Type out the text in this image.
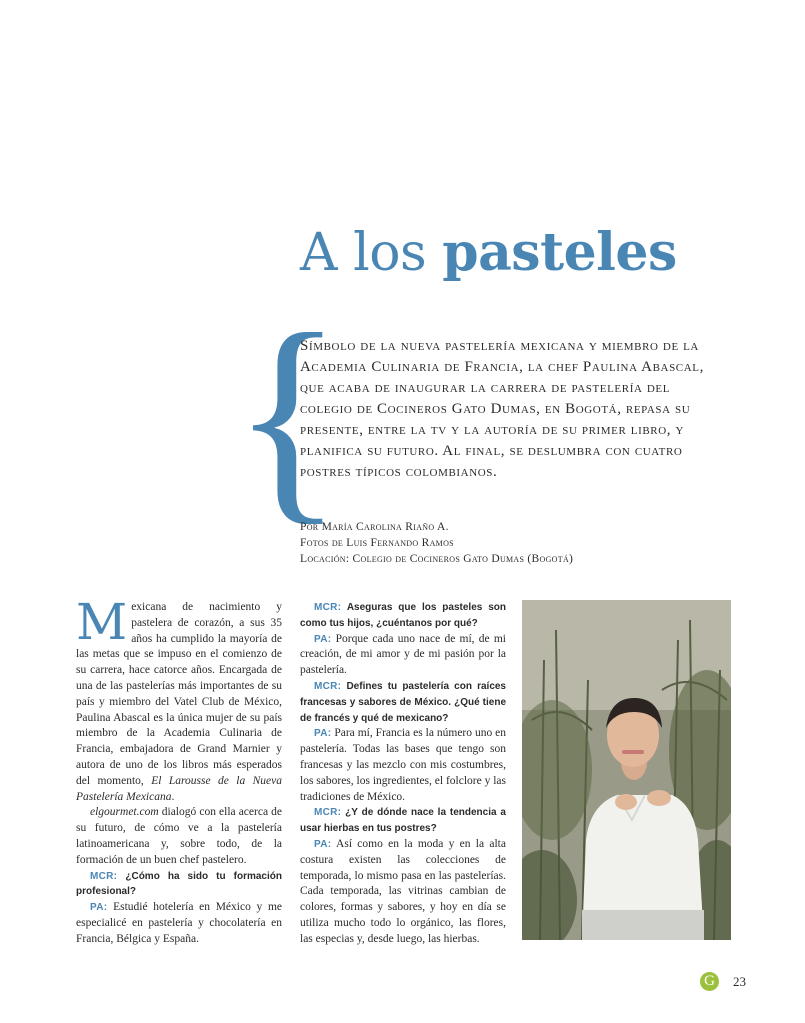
A los pasteles
{

Símbolo de la nueva pastelería mexicana y miembro de la Academia Culinaria de Francia, la chef Paulina Abascal, que acaba de inaugurar la carrera de pastelería del colegio de Cocineros Gato Dumas, en Bogotá, repasa su presente, entre la tv y la autoría de su primer libro, y planifica su futuro. Al final, se deslumbra con cuatro postres típicos colombianos.

Por María Carolina Riaño A.
Fotos de Luis Fernando Ramos
Locación: Colegio de Cocineros Gato Dumas (Bogotá)

Mexicana de nacimiento y pastelera de corazón, a sus 35 años ha cumplido la mayoría de las metas que se impuso en el comienzo de su carrera, hace catorce años. Encargada de una de las pastelerías más importantes de su país y miembro del Vatel Club de México, Paulina Abascal es la única mujer de su país miembro de la Academia Culinaria de Francia, embajadora de Grand Marnier y autora de uno de los libros más esperados del momento, El Larousse de la Nueva Pastelería Mexicana.

elgourmet.com dialogó con ella acerca de su futuro, de cómo ve a la pastelería latinoamericana y, sobre todo, de la formación de un buen chef pastelero.

MCR: ¿Cómo ha sido tu formación profesional?

PA: Estudié hotelería en México y me especialicé en pastelería y chocolatería en Francia, Bélgica y España.

MCR: Aseguras que los pasteles son como tus hijos, ¿cuéntanos por qué?

PA: Porque cada uno nace de mí, de mi creación, de mi amor y de mi pasión por la pastelería.

MCR: Defines tu pastelería con raíces francesas y sabores de México. ¿Qué tiene de francés y qué de mexicano?

PA: Para mí, Francia es la número uno en pastelería. Todas las bases que tengo son francesas y las mezclo con mis costumbres, los sabores, los ingredientes, el folclore y las tradiciones de México.

MCR: ¿Y de dónde nace la tendencia a usar hierbas en tus postres?

PA: Así como en la moda y en la alta costura existen las colecciones de temporada, lo mismo pasa en las pastelerías. Cada temporada, las vitrinas cambian de colores, formas y sabores, y hoy en día se utiliza mucho todo lo orgánico, las flores, las especias y, desde luego, las hierbas.

G	23
